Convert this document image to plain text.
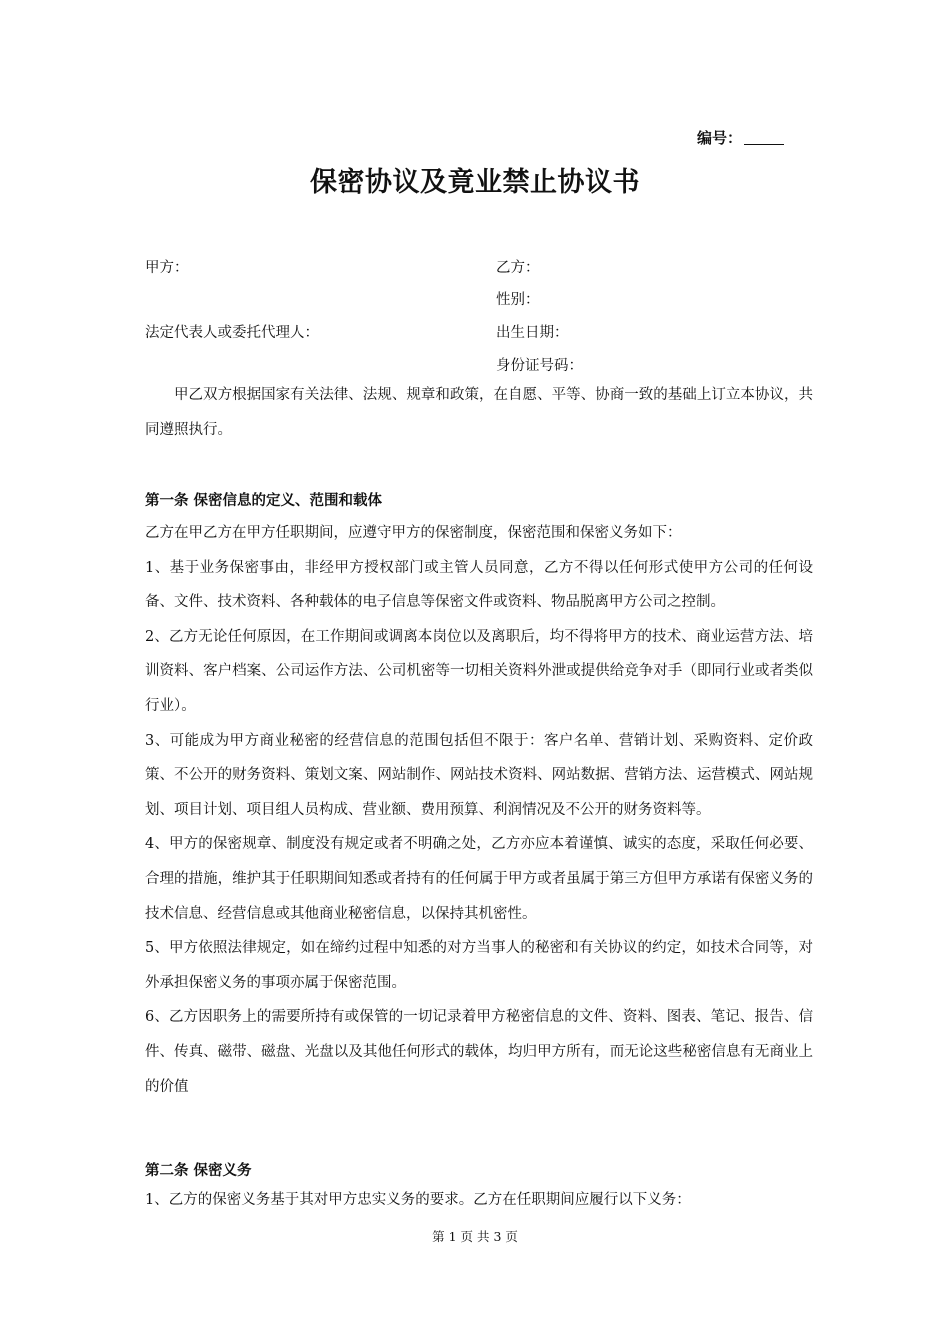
编号：
保密协议及竟业禁止协议书
甲方：
法定代表人或委托代理人：
乙方：
性别：
出生日期：
身份证号码：

甲乙双方根据国家有关法律、法规、规章和政策，在自愿、平等、协商一致的基础上订立本协议，共同遵照执行。

第一条 保密信息的定义、范围和载体

乙方在甲乙方在甲方任职期间，应遵守甲方的保密制度，保密范围和保密义务如下：

1、基于业务保密事由，非经甲方授权部门或主管人员同意，乙方不得以任何形式使甲方公司的任何设备、文件、技术资料、各种载体的电子信息等保密文件或资料、物品脱离甲方公司之控制。

2、乙方无论任何原因，在工作期间或调离本岗位以及离职后，均不得将甲方的技术、商业运营方法、培训资料、客户档案、公司运作方法、公司机密等一切相关资料外泄或提供给竞争对手（即同行业或者类似行业）。

3、可能成为甲方商业秘密的经营信息的范围包括但不限于：客户名单、营销计划、采购资料、定价政策、不公开的财务资料、策划文案、网站制作、网站技术资料、网站数据、营销方法、运营模式、网站规划、项目计划、项目组人员构成、营业额、费用预算、利润情况及不公开的财务资料等。

4、甲方的保密规章、制度没有规定或者不明确之处，乙方亦应本着谨慎、诚实的态度，采取任何必要、合理的措施，维护其于任职期间知悉或者持有的任何属于甲方或者虽属于第三方但甲方承诺有保密义务的技术信息、经营信息或其他商业秘密信息，以保持其机密性。

5、甲方依照法律规定，如在缔约过程中知悉的对方当事人的秘密和有关协议的约定，如技术合同等，对外承担保密义务的事项亦属于保密范围。

6、乙方因职务上的需要所持有或保管的一切记录着甲方秘密信息的文件、资料、图表、笔记、报告、信件、传真、磁带、磁盘、光盘以及其他任何形式的载体，均归甲方所有，而无论这些秘密信息有无商业上的价值

第二条 保密义务

1、乙方的保密义务基于其对甲方忠实义务的要求。乙方在任职期间应履行以下义务：

第 1 页 共 3 页
